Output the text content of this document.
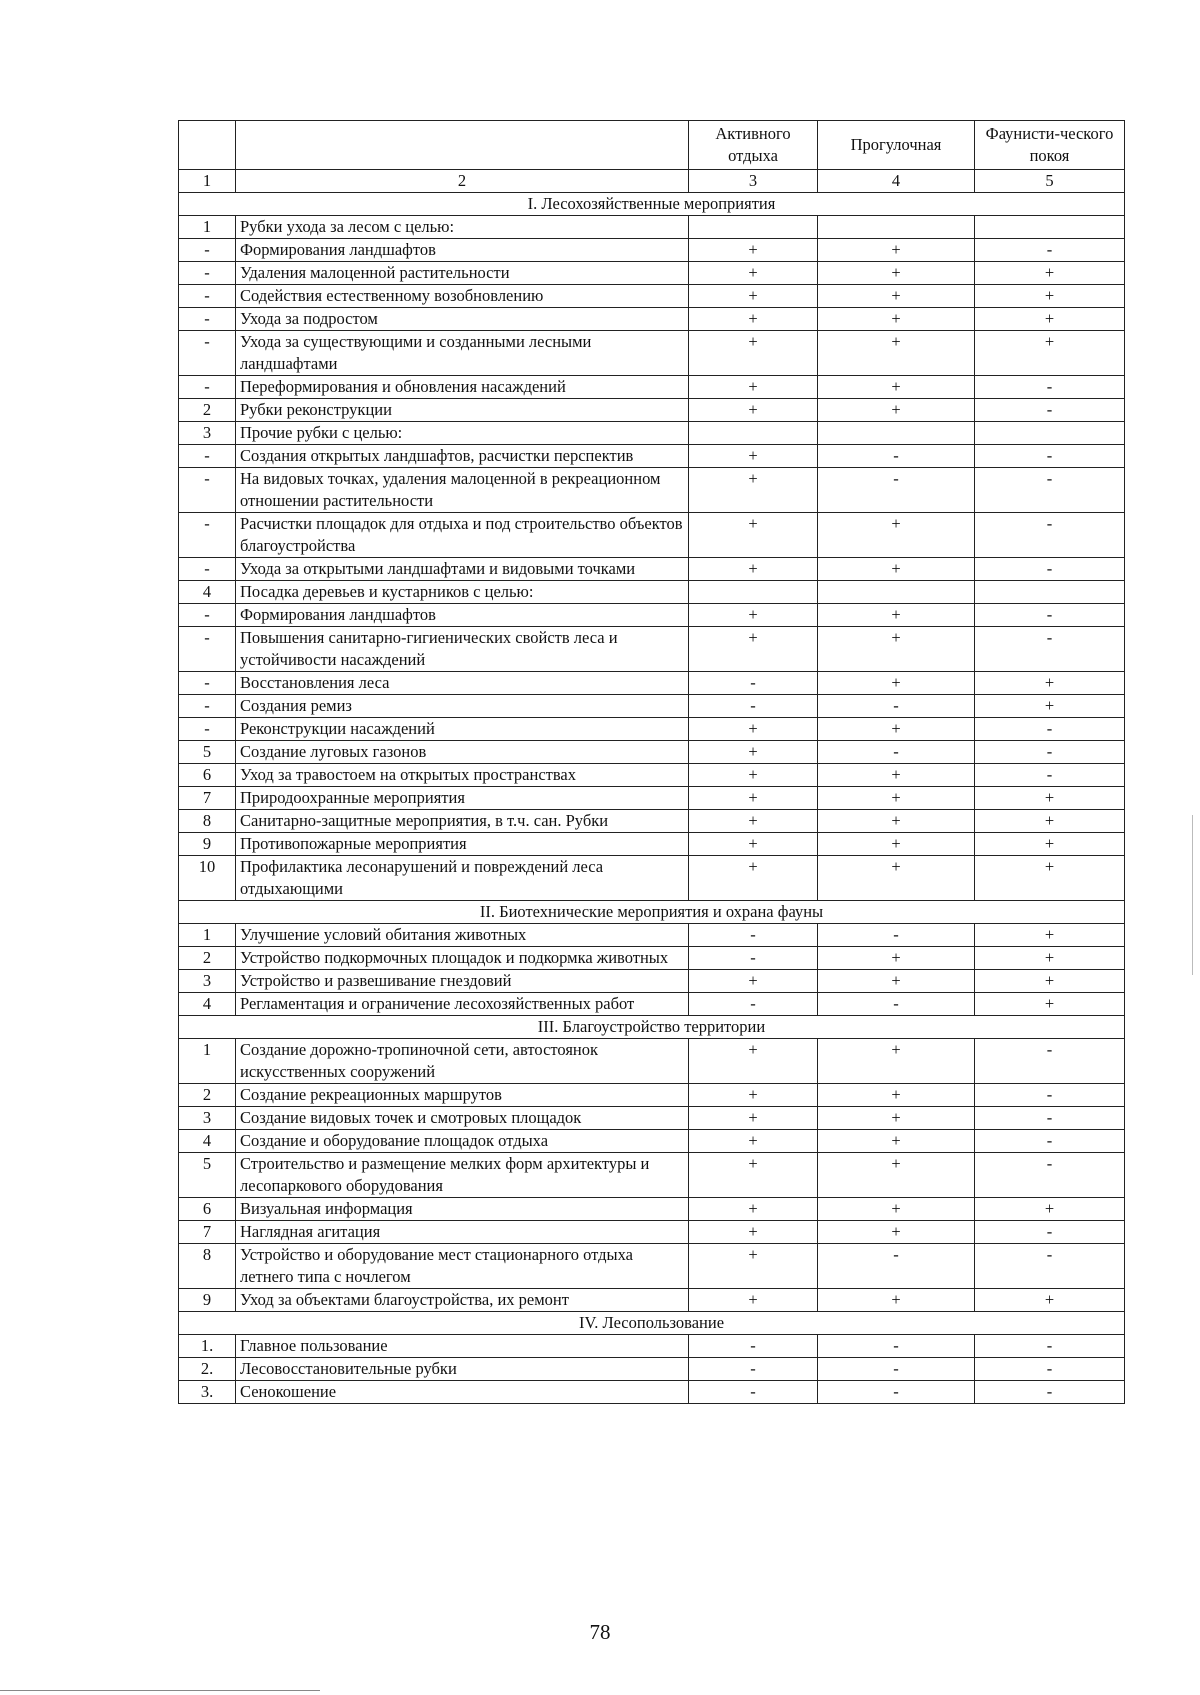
		Активного отдыха	Прогулочная	Фаунисти-ческого покоя
1	2	3	4	5
I. Лесохозяйственные мероприятия				
1	Рубки ухода за лесом с целью:			
-	Формирования ландшафтов	+	+	-
-	Удаления малоценной растительности	+	+	+
-	Содействия естественному возобновлению	+	+	+
-	Ухода за подростом	+	+	+
-	Ухода за существующими и созданными лесными ландшафтами	+	+	+
-	Переформирования и обновления насаждений	+	+	-
2	Рубки реконструкции	+	+	-
3	Прочие рубки с целью:			
-	Создания открытых ландшафтов, расчистки перспектив	+	-	-
-	На видовых точках, удаления малоценной в рекреационном отношении растительности	+	-	-
-	Расчистки площадок для отдыха и под строительство объектов благоустройства	+	+	-
-	Ухода за открытыми ландшафтами и видовыми точками	+	+	-
4	Посадка деревьев и кустарников с целью:			
-	Формирования ландшафтов	+	+	-
-	Повышения санитарно-гигиенических свойств леса и устойчивости насаждений	+	+	-
-	Восстановления леса	-	+	+
-	Создания ремиз	-	-	+
-	Реконструкции насаждений	+	+	-
5	Создание луговых газонов	+	-	-
6	Уход за травостоем на открытых пространствах	+	+	-
7	Природоохранные мероприятия	+	+	+
8	Санитарно-защитные мероприятия, в т.ч. сан. Рубки	+	+	+
9	Противопожарные мероприятия	+	+	+
10	Профилактика лесонарушений и повреждений леса отдыхающими	+	+	+
II. Биотехнические мероприятия и охрана фауны				
1	Улучшение условий обитания животных	-	-	+
2	Устройство подкормочных площадок и подкормка животных	-	+	+
3	Устройство и развешивание гнездовий	+	+	+
4	Регламентация и ограничение лесохозяйственных работ	-	-	+
III. Благоустройство территории				
1	Создание дорожно-тропиночной сети, автостоянок искусственных сооружений	+	+	-
2	Создание рекреационных маршрутов	+	+	-
3	Создание видовых точек и смотровых площадок	+	+	-
4	Создание и оборудование площадок отдыха	+	+	-
5	Строительство и размещение мелких форм архитектуры и лесопаркового оборудования	+	+	-
6	Визуальная информация	+	+	+
7	Наглядная агитация	+	+	-
8	Устройство и оборудование мест стационарного отдыха летнего типа с ночлегом	+	-	-
9	Уход за объектами благоустройства, их ремонт	+	+	+
IV. Лесопользование				
1.	Главное пользование	-	-	-
2.	Лесовосстановительные рубки	-	-	-
3.	Сенокошение	-	-	-
78
